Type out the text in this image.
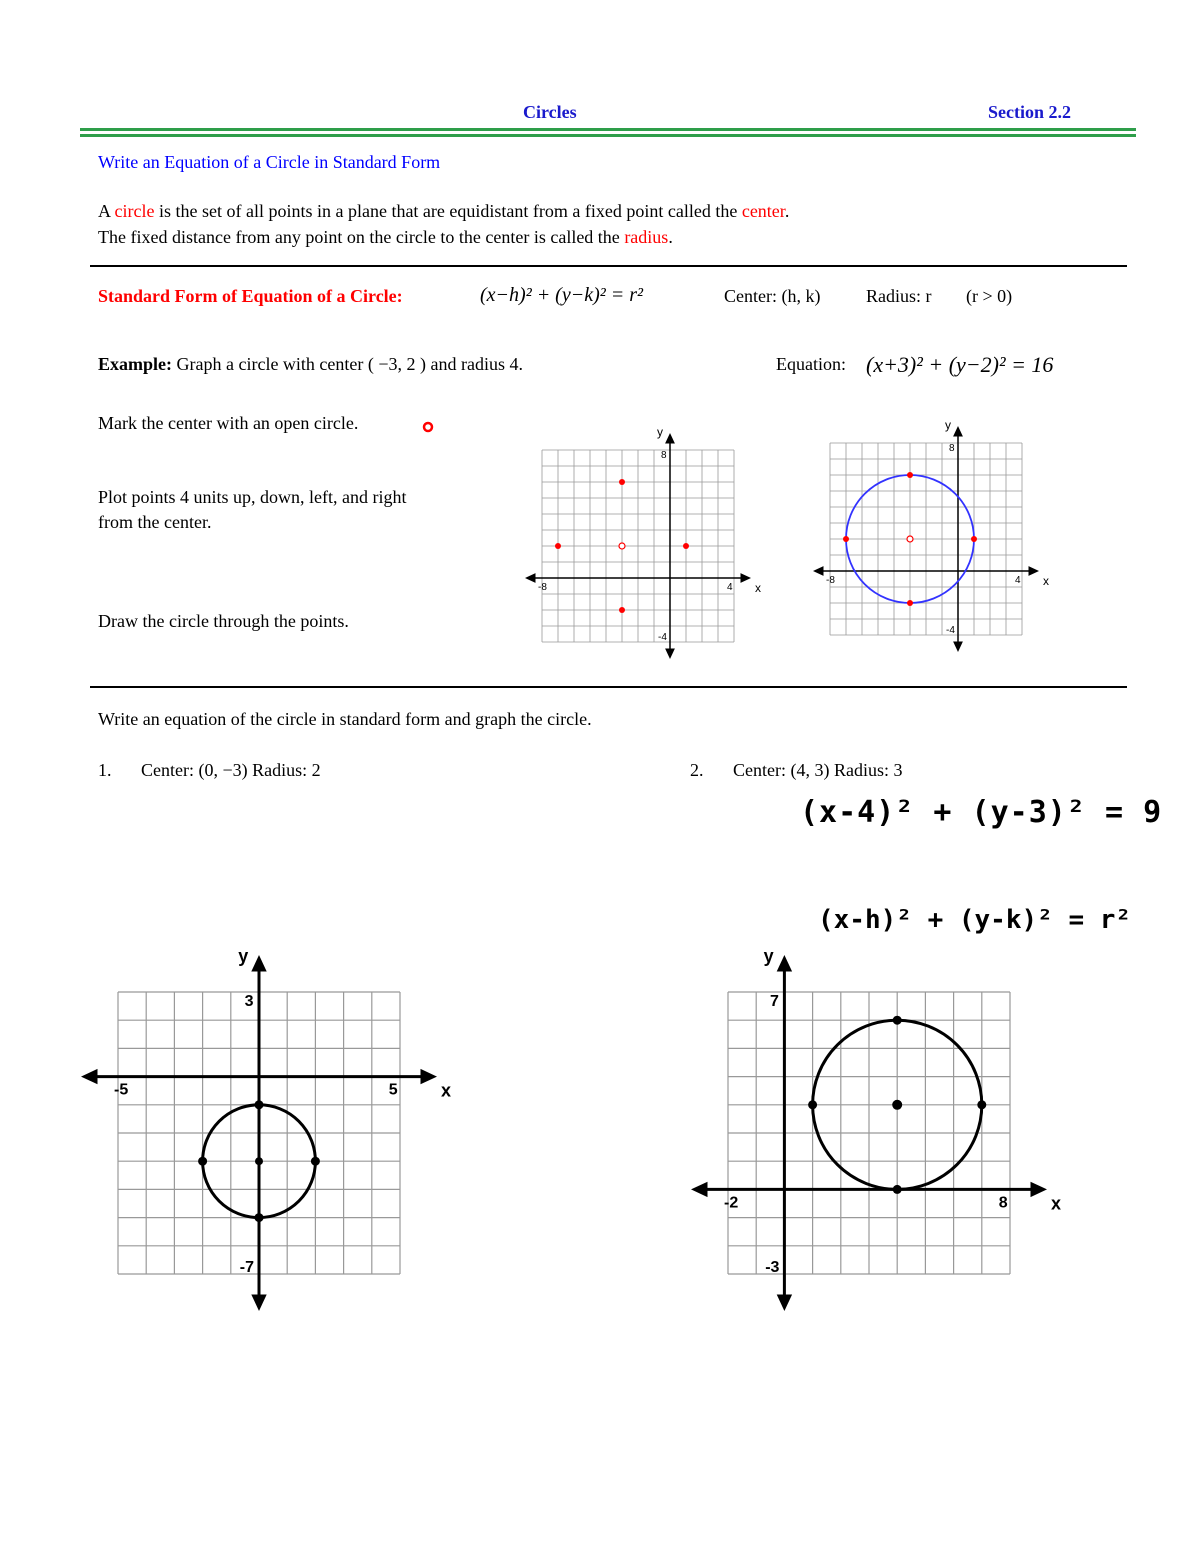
Circles	Section 2.2
Write an Equation of a Circle in Standard Form
A circle is the set of all points in a plane that are equidistant from a fixed point called the center.
The fixed distance from any point on the circle to the center is called the radius.
Standard Form of Equation of a Circle:	(x−h)² + (y−k)² = r²	Center: (h, k)	Radius: r (r > 0)
Example: Graph a circle with center ( −3, 2 ) and radius 4.	Equation: (x+3)² + (y−2)² = 16
Mark the center with an open circle.
Plot points 4 units up, down, left, and right
from the center.
Draw the circle through the points.
-8	4
8
-4
x
y
-8	4
8
-4
x
y
Write an equation of the circle in standard form and graph the circle.
1. Center: (0, −3) Radius: 2	2. Center: (4, 3) Radius: 3
(x-4)² + (y-3)² = 9
(x-h)² + (y-k)² = r²
-5	5
3
-7
x
y
-2	8
7
-3
x
y
